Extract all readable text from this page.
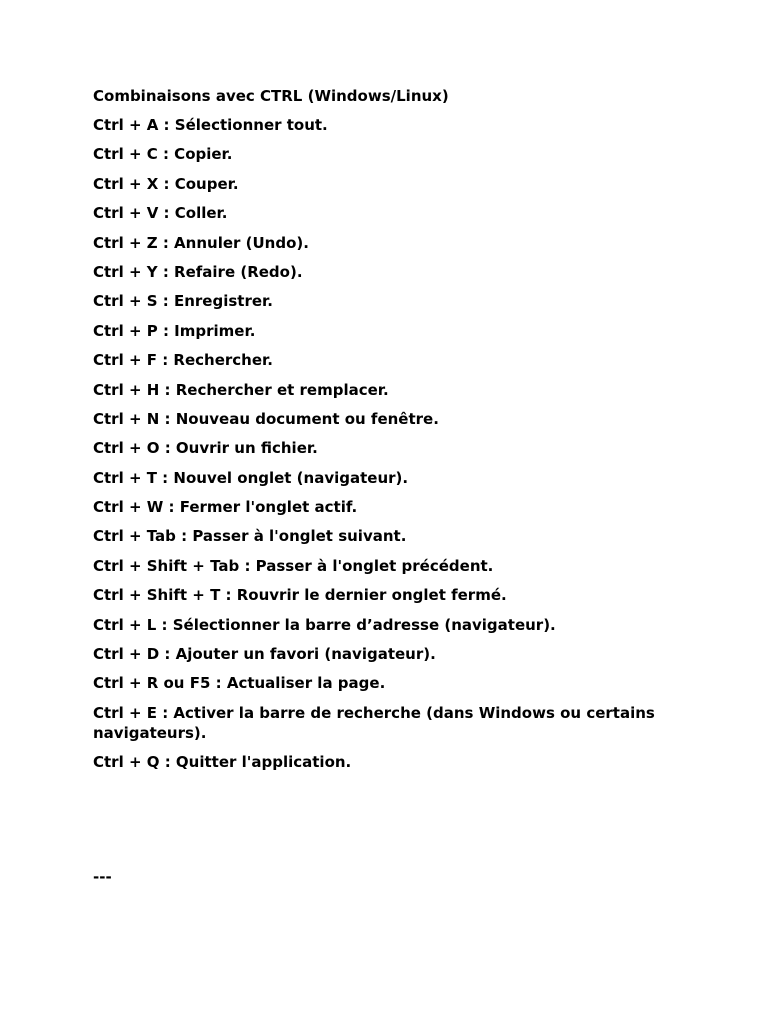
Combinaisons avec CTRL (Windows/Linux)
Ctrl + A : Sélectionner tout.
Ctrl + C : Copier.
Ctrl + X : Couper.
Ctrl + V : Coller.
Ctrl + Z : Annuler (Undo).
Ctrl + Y : Refaire (Redo).
Ctrl + S : Enregistrer.
Ctrl + P : Imprimer.
Ctrl + F : Rechercher.
Ctrl + H : Rechercher et remplacer.
Ctrl + N : Nouveau document ou fenêtre.
Ctrl + O : Ouvrir un fichier.
Ctrl + T : Nouvel onglet (navigateur).
Ctrl + W : Fermer l'onglet actif.
Ctrl + Tab : Passer à l'onglet suivant.
Ctrl + Shift + Tab : Passer à l'onglet précédent.
Ctrl + Shift + T : Rouvrir le dernier onglet fermé.
Ctrl + L : Sélectionner la barre d’adresse (navigateur).
Ctrl + D : Ajouter un favori (navigateur).
Ctrl + R ou F5 : Actualiser la page.
Ctrl + E : Activer la barre de recherche (dans Windows ou certains navigateurs).
Ctrl + Q : Quitter l'application.
---
